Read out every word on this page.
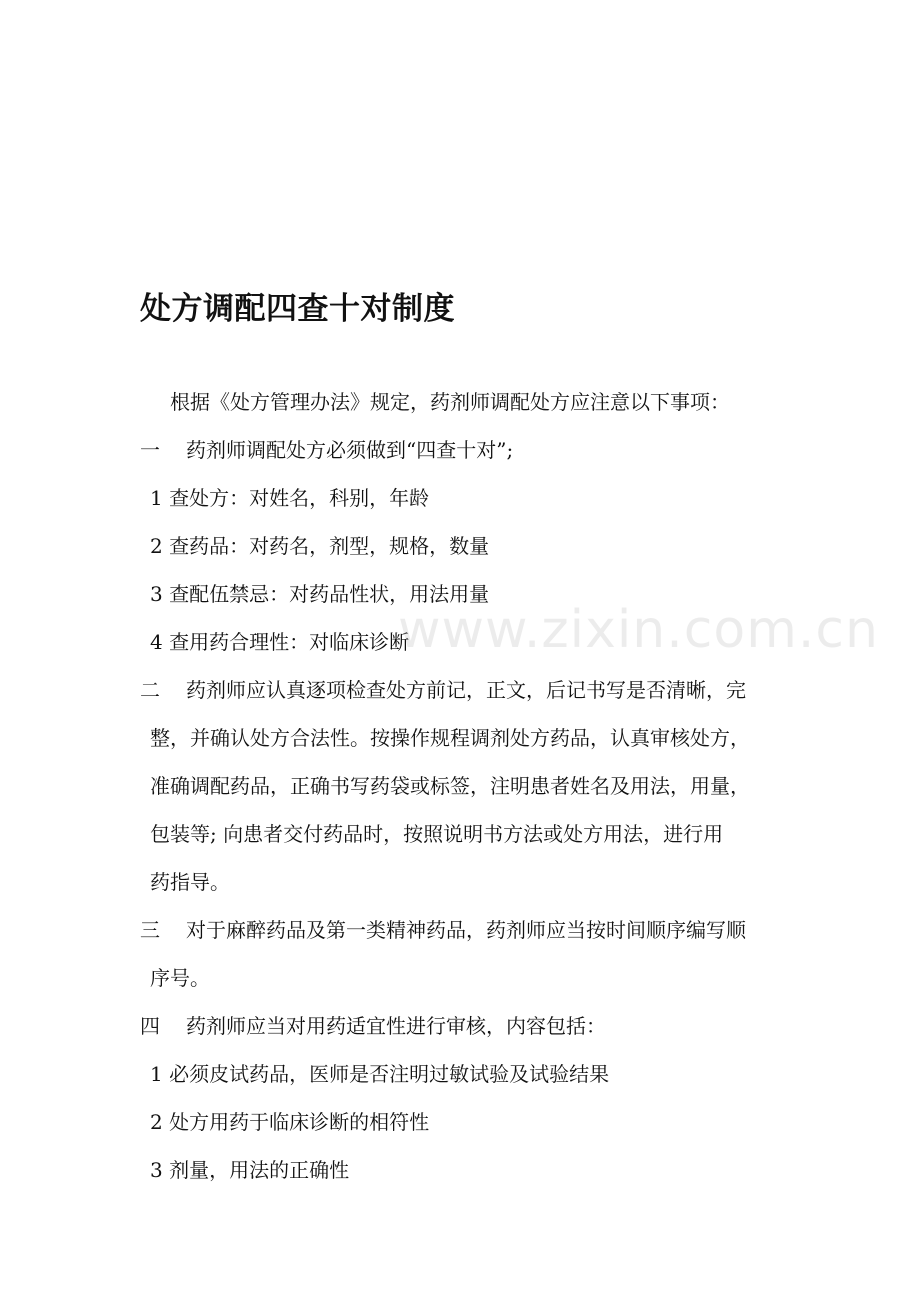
处方调配四查十对制度

根据《处方管理办法》规定，药剂师调配处方应注意以下事项：

一 药剂师调配处方必须做到“四查十对”;

1 查处方：对姓名，科别，年龄

2 查药品：对药名，剂型，规格，数量

3 查配伍禁忌：对药品性状，用法用量

4 查用药合理性：对临床诊断

二 药剂师应认真逐项检查处方前记，正文，后记书写是否清晰，完

整，并确认处方合法性。按操作规程调剂处方药品，认真审核处方，

准确调配药品，正确书写药袋或标签，注明患者姓名及用法，用量，

包装等; 向患者交付药品时，按照说明书方法或处方用法，进行用

药指导。

三 对于麻醉药品及第一类精神药品，药剂师应当按时间顺序编写顺

序号。

四 药剂师应当对用药适宜性进行审核，内容包括：

1 必须皮试药品，医师是否注明过敏试验及试验结果

2 处方用药于临床诊断的相符性

3 剂量，用法的正确性

www.zixin.com.cn
